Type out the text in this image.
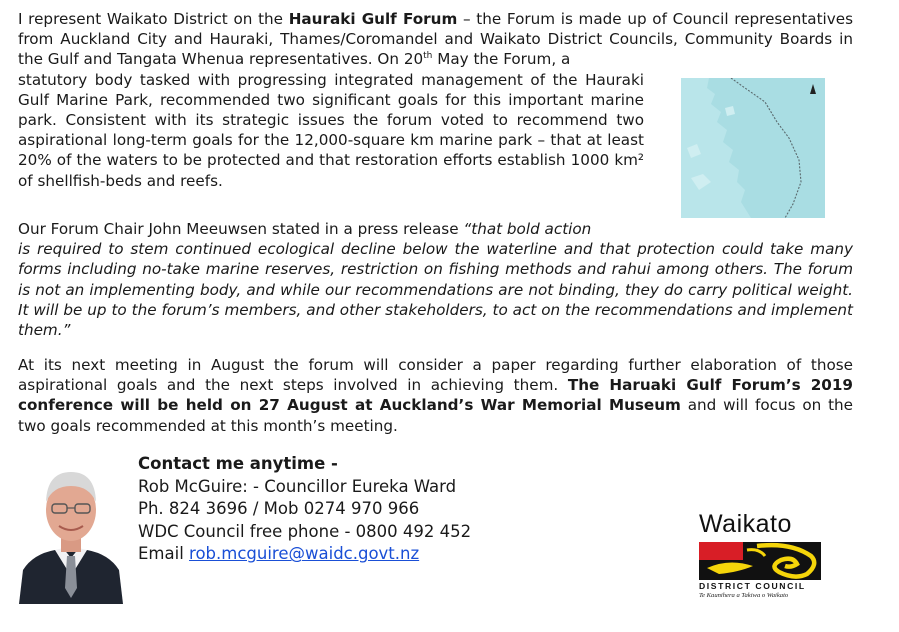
I represent Waikato District on the Hauraki Gulf Forum – the Forum is made up of Council representatives from Auckland City and Hauraki, Thames/Coromandel and Waikato District Councils, Community Boards in the Gulf and Tangata Whenua representatives. On 20th May the Forum, a

statutory body tasked with progressing integrated management of the Hauraki Gulf Marine Park, recommended two significant goals for this important marine park. Consistent with its strategic issues the forum voted to recommend two aspirational long-term goals for the 12,000-square km marine park – that at least 20% of the waters to be protected and that restoration efforts establish 1000 km² of shellfish-beds and reefs.

Our Forum Chair John Meeuwsen stated in a press release “that bold action

is required to stem continued ecological decline below the waterline and that protection could take many forms including no-take marine reserves, restriction on fishing methods and rahui among others. The forum is not an implementing body, and while our recommendations are not binding, they do carry political weight. It will be up to the forum’s members, and other stakeholders, to act on the recommendations and implement them.”

At its next meeting in August the forum will consider a paper regarding further elaboration of those aspirational goals and the next steps involved in achieving them. The Haruaki Gulf Forum’s 2019 conference will be held on 27 August at Auckland’s War Memorial Museum and will focus on the two goals recommended at this month’s meeting.

Contact me anytime -
Rob McGuire: - Councillor Eureka Ward
Ph. 824 3696 / Mob 0274 970 966
WDC Council free phone - 0800 492 452
Email rob.mcguire@waidc.govt.nz
Waikato
DISTRICT COUNCIL
Te Kaunihera a Takiwa o Waikato
